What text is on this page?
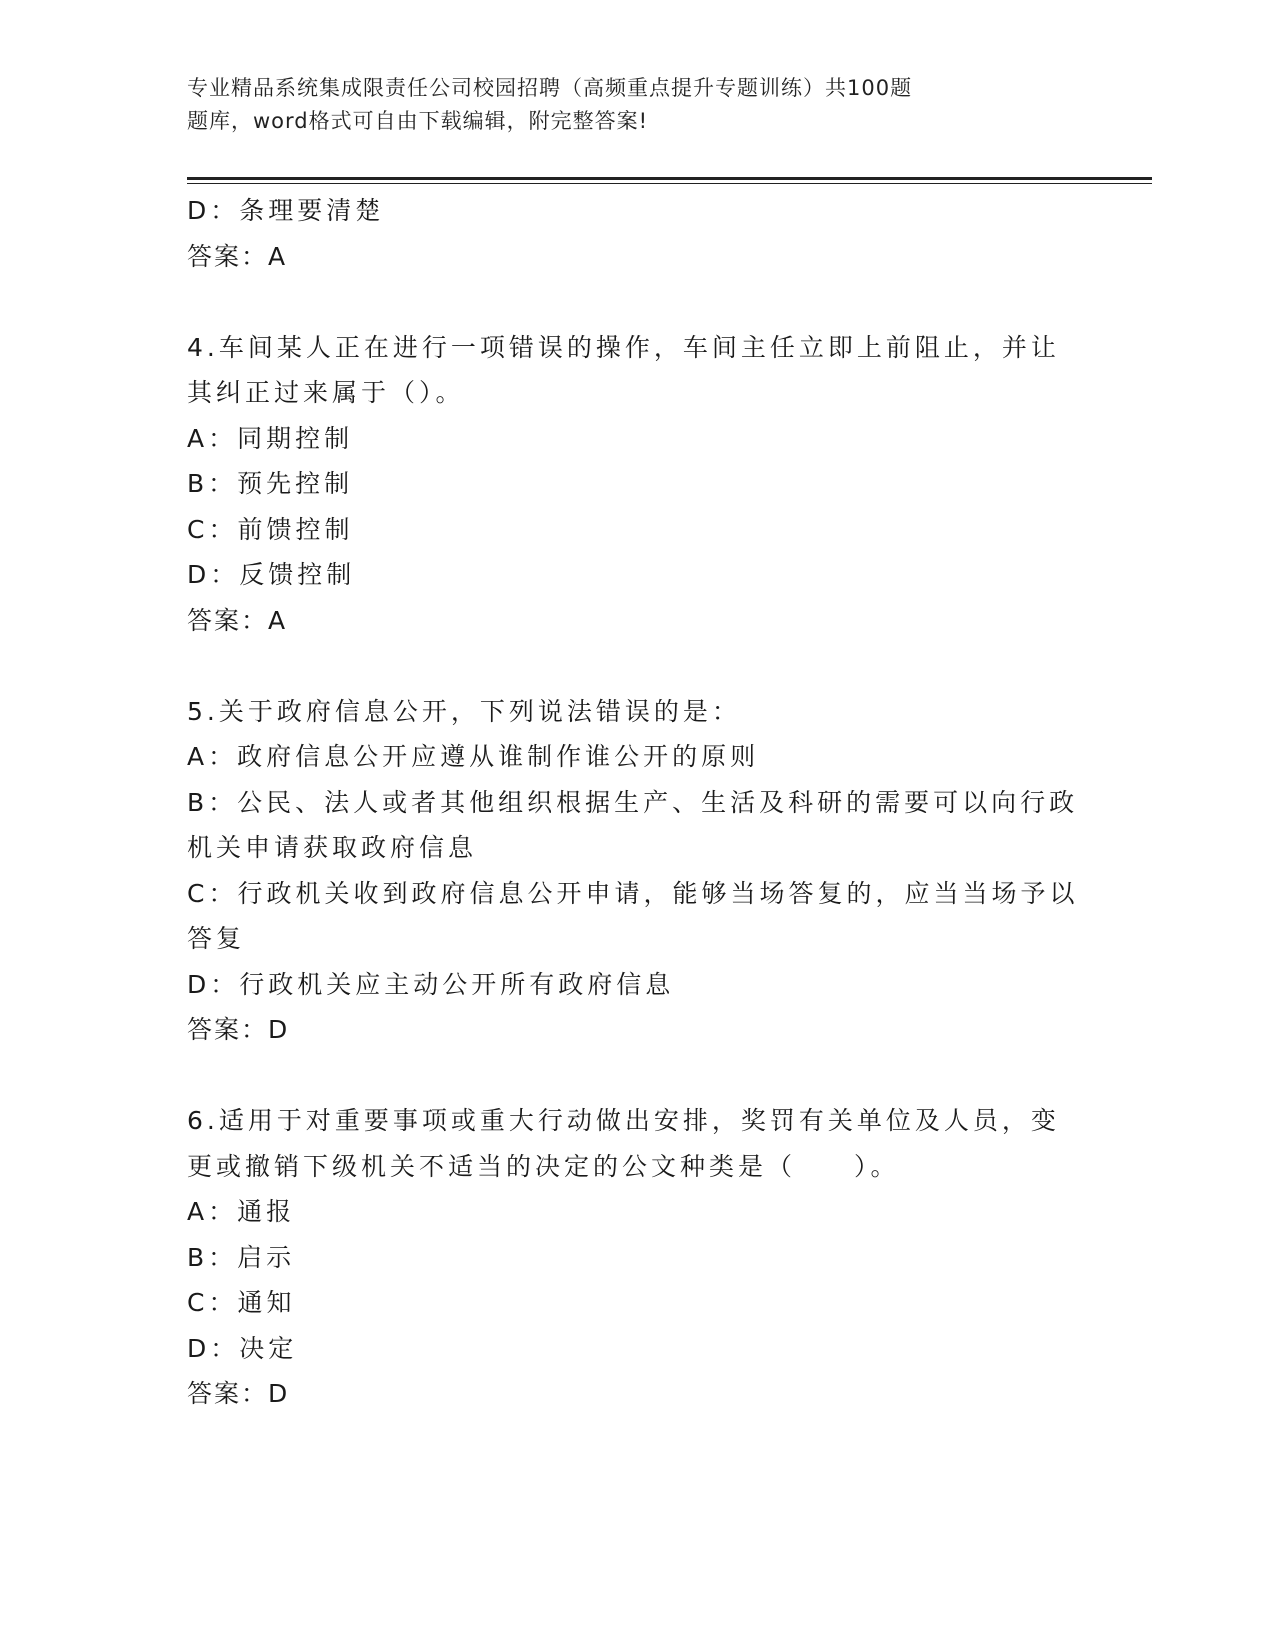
专业精品系统集成限责任公司校园招聘（高频重点提升专题训练）共100题
题库，word格式可自由下载编辑，附完整答案!

D：条理要清楚

答案：A

4.车间某人正在进行一项错误的操作，车间主任立即上前阻止，并让

其纠正过来属于（）。

A：同期控制

B：预先控制

C：前馈控制

D：反馈控制

答案：A

5.关于政府信息公开，下列说法错误的是：

A：政府信息公开应遵从谁制作谁公开的原则

B：公民、法人或者其他组织根据生产、生活及科研的需要可以向行政

机关申请获取政府信息

C：行政机关收到政府信息公开申请，能够当场答复的，应当当场予以

答复

D：行政机关应主动公开所有政府信息

答案：D

6.适用于对重要事项或重大行动做出安排，奖罚有关单位及人员，变

更或撤销下级机关不适当的决定的公文种类是（　　）。

A：通报

B：启示

C：通知

D：决定

答案：D
